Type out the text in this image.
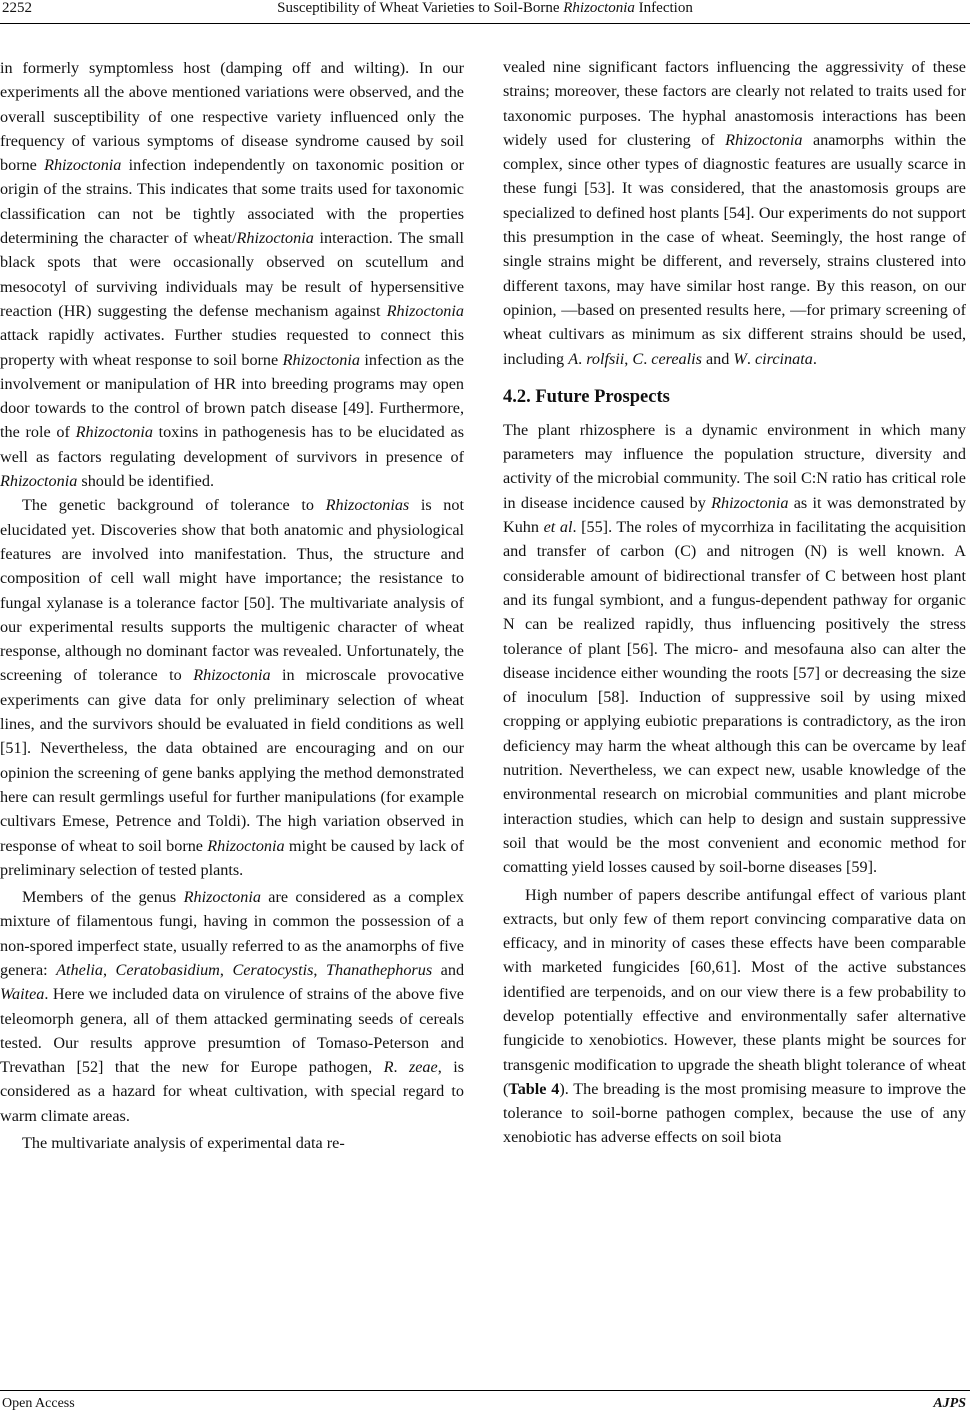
2252	Susceptibility of Wheat Varieties to Soil-Borne Rhizoctonia Infection

in formerly symptomless host (damping off and wilting). In our experiments all the above mentioned variations were observed, and the overall susceptibility of one respective variety influenced only the frequency of various symptoms of disease syndrome caused by soil borne Rhizoctonia infection independently on taxonomic position or origin of the strains. This indicates that some traits used for taxonomic classification can not be tightly associated with the properties determining the character of wheat/Rhizoctonia interaction. The small black spots that were occasionally observed on scutellum and mesocotyl of surviving individuals may be result of hypersensitive reaction (HR) suggesting the defense mechanism against Rhizoctonia attack rapidly activates. Further studies requested to connect this property with wheat response to soil borne Rhizoctonia infection as the involvement or manipulation of HR into breeding programs may open door towards to the control of brown patch disease [49]. Furthermore, the role of Rhizoctonia toxins in pathogenesis has to be elucidated as well as factors regulating development of survivors in presence of Rhizoctonia should be identified.

The genetic background of tolerance to Rhizoctonias is not elucidated yet. Discoveries show that both anatomic and physiological features are involved into manifestation. Thus, the structure and composition of cell wall might have importance; the resistance to fungal xylanase is a tolerance factor [50]. The multivariate analysis of our experimental results supports the multigenic character of wheat response, although no dominant factor was revealed. Unfortunately, the screening of tolerance to Rhizoctonia in microscale provocative experiments can give data for only preliminary selection of wheat lines, and the survivors should be evaluated in field conditions as well [51]. Nevertheless, the data obtained are encouraging and on our opinion the screening of gene banks applying the method demonstrated here can result germlings useful for further manipulations (for example cultivars Emese, Petrence and Toldi). The high variation observed in response of wheat to soil borne Rhizoctonia might be caused by lack of preliminary selection of tested plants.

Members of the genus Rhizoctonia are considered as a complex mixture of filamentous fungi, having in common the possession of a non-spored imperfect state, usually referred to as the anamorphs of five genera: Athelia, Ceratobasidium, Ceratocystis, Thanathephorus and Waitea. Here we included data on virulence of strains of the above five teleomorph genera, all of them attacked germinating seeds of cereals tested. Our results approve presumtion of Tomaso-Peterson and Trevathan [52] that the new for Europe pathogen, R. zeae, is considered as a hazard for wheat cultivation, with special regard to warm climate areas.

The multivariate analysis of experimental data re-

vealed nine significant factors influencing the aggressivity of these strains; moreover, these factors are clearly not related to traits used for taxonomic purposes. The hyphal anastomosis interactions has been widely used for clustering of Rhizoctonia anamorphs within the complex, since other types of diagnostic features are usually scarce in these fungi [53]. It was considered, that the anastomosis groups are specialized to defined host plants [54]. Our experiments do not support this presumption in the case of wheat. Seemingly, the host range of single strains might be different, and reversely, strains clustered into different taxons, may have similar host range. By this reason, on our opinion, —based on presented results here, —for primary screening of wheat cultivars as minimum as six different strains should be used, including A. rolfsii, C. cerealis and W. circinata.

4.2. Future Prospects

The plant rhizosphere is a dynamic environment in which many parameters may influence the population structure, diversity and activity of the microbial community. The soil C:N ratio has critical role in disease incidence caused by Rhizoctonia as it was demonstrated by Kuhn et al. [55]. The roles of mycorrhiza in facilitating the acquisition and transfer of carbon (C) and nitrogen (N) is well known. A considerable amount of bidirectional transfer of C between host plant and its fungal symbiont, and a fungus-dependent pathway for organic N can be realized rapidly, thus influencing positively the stress tolerance of plant [56]. The micro- and mesofauna also can alter the disease incidence either wounding the roots [57] or decreasing the size of inoculum [58]. Induction of suppressive soil by using mixed cropping or applying eubiotic preparations is contradictory, as the iron deficiency may harm the wheat although this can be overcame by leaf nutrition. Nevertheless, we can expect new, usable knowledge of the environmental research on microbial communities and plant microbe interaction studies, which can help to design and sustain suppressive soil that would be the most convenient and economic method for comatting yield losses caused by soil-borne diseases [59].

High number of papers describe antifungal effect of various plant extracts, but only few of them report convincing comparative data on efficacy, and in minority of cases these effects have been comparable with marketed fungicides [60,61]. Most of the active substances identified are terpenoids, and on our view there is a few probability to develop potentially effective and environmentally safer alternative fungicide to xenobiotics. However, these plants might be sources for transgenic modification to upgrade the sheath blight tolerance of wheat (Table 4). The breading is the most promising measure to improve the tolerance to soil-borne pathogen complex, because the use of any xenobiotic has adverse effects on soil biota

Open Access	AJPS
